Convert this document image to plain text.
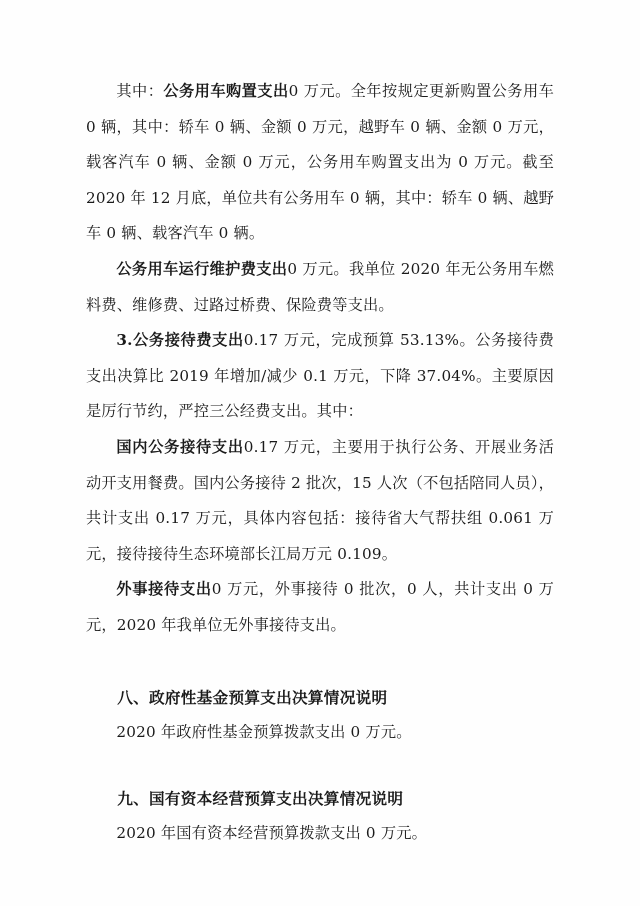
其中：公务用车购置支出0 万元。全年按规定更新购置公务用车 0 辆，其中：轿车 0 辆、金额 0 万元，越野车 0 辆、金额 0 万元，载客汽车 0 辆、金额 0 万元，公务用车购置支出为 0 万元。截至 2020 年 12 月底，单位共有公务用车 0 辆，其中：轿车 0 辆、越野车 0 辆、载客汽车 0 辆。

公务用车运行维护费支出0 万元。我单位 2020 年无公务用车燃料费、维修费、过路过桥费、保险费等支出。

3.公务接待费支出0.17 万元，完成预算 53.13%。公务接待费支出决算比 2019 年增加/减少 0.1 万元，下降 37.04%。主要原因是厉行节约，严控三公经费支出。其中：

国内公务接待支出0.17 万元，主要用于执行公务、开展业务活动开支用餐费。国内公务接待 2 批次，15 人次（不包括陪同人员），共计支出 0.17 万元，具体内容包括：接待省大气帮扶组 0.061 万元，接待接待生态环境部长江局万元 0.109。

外事接待支出0 万元，外事接待 0 批次，0 人，共计支出 0 万元，2020 年我单位无外事接待支出。

八、政府性基金预算支出决算情况说明

2020 年政府性基金预算拨款支出 0 万元。

九、国有资本经营预算支出决算情况说明

2020 年国有资本经营预算拨款支出 0 万元。
